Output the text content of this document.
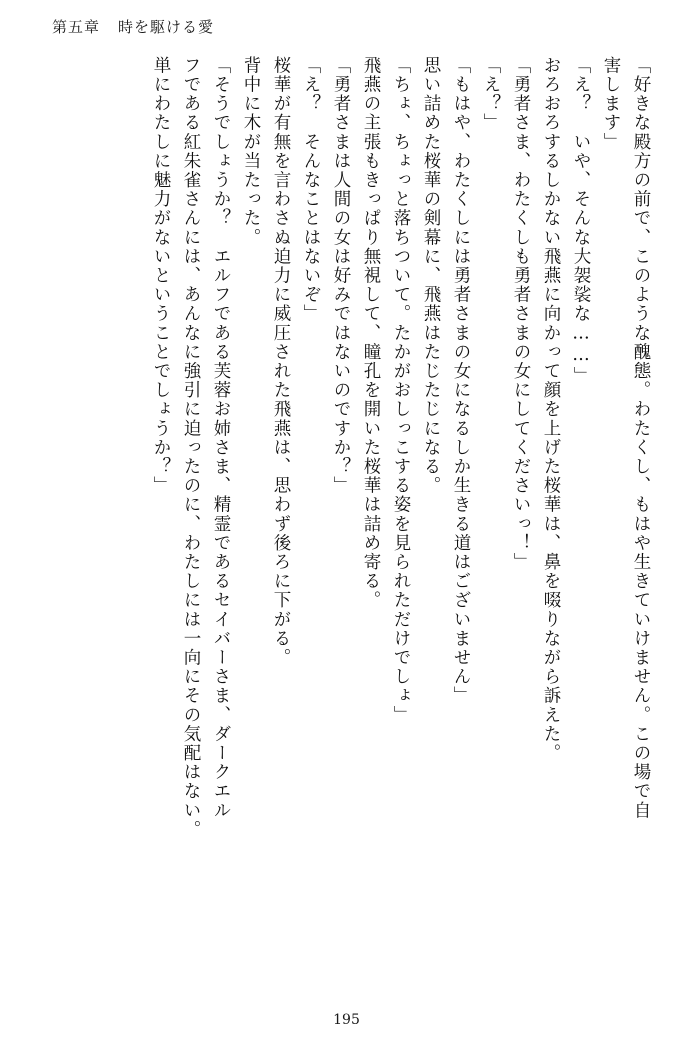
第五章 時を駆ける愛
「好きな殿方の前で、このような醜態。わたくし、もはや生きていけません。この場で自
害します」
「え？　いや、そんな大袈裟な……」
おろおろするしかない飛燕に向かって顔を上げた桜華は、鼻を啜りながら訴えた。
「勇者さま、わたくしも勇者さまの女にしてくださいっ！」
「え？」
「もはや、わたくしには勇者さまの女になるしか生きる道はございません」
思い詰めた桜華の剣幕に、飛燕はたじたじになる。
「ちょ、ちょっと落ちついて。たかがおしっこする姿を見られただけでしょ」
飛燕の主張もきっぱり無視して、瞳孔を開いた桜華は詰め寄る。
「勇者さまは人間の女は好みではないのですか？」
「え？　そんなことはないぞ」
桜華が有無を言わさぬ迫力に威圧された飛燕は、思わず後ろに下がる。
背中に木が当たった。
「そうでしょうか？　エルフである芙蓉お姉さま、精霊であるセイバーさま、ダークエル
フである紅朱雀さんには、あんなに強引に迫ったのに、わたしには一向にその気配はない。
単にわたしに魅力がないということでしょうか？」
195
